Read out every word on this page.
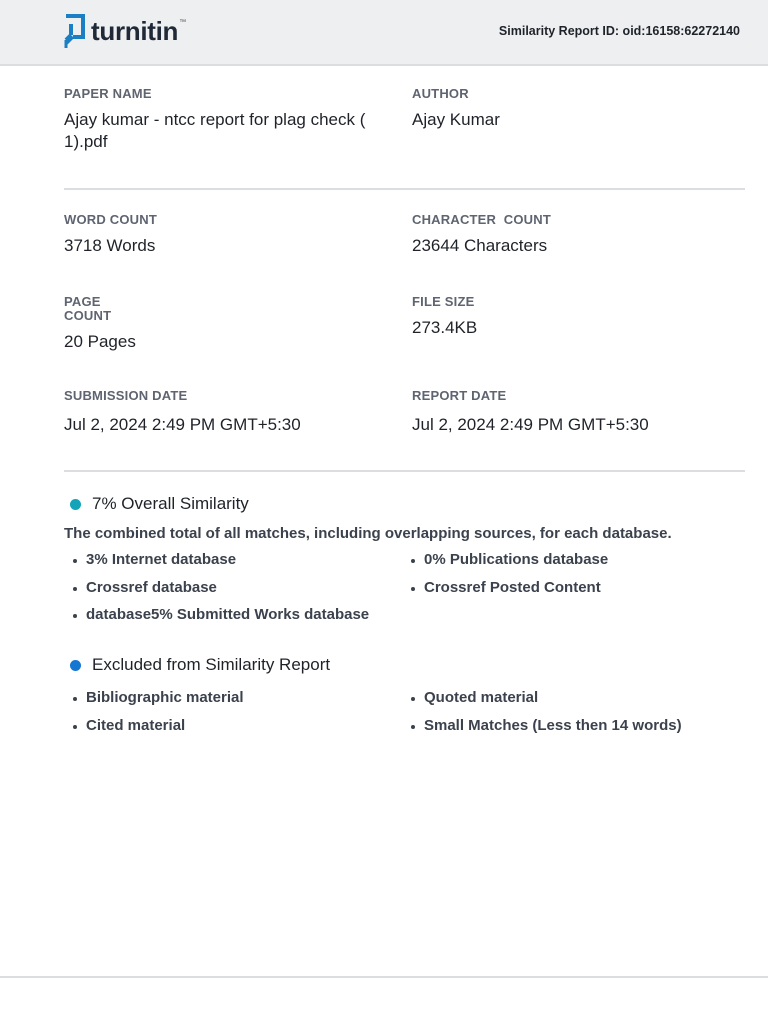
turnitin ™
Similarity Report ID: oid:16158:62272140
PAPER NAME
Ajay kumar - ntcc report for plag check (
1).pdf
AUTHOR
Ajay Kumar
WORD COUNT
3718 Words
CHARACTER  COUNT
23644 Characters
PAGE
COUNT
20 Pages
FILE SIZE
273.4KB
SUBMISSION DATE
Jul 2, 2024 2:49 PM GMT+5:30
REPORT DATE
Jul 2, 2024 2:49 PM GMT+5:30
7% Overall Similarity
The combined total of all matches, including overlapping sources, for each database.
3% Internet database	0% Publications database
Crossref database	Crossref Posted Content
database5% Submitted Works database
Excluded from Similarity Report
Bibliographic material	Quoted material
Cited material	Small Matches (Less then 14 words)
